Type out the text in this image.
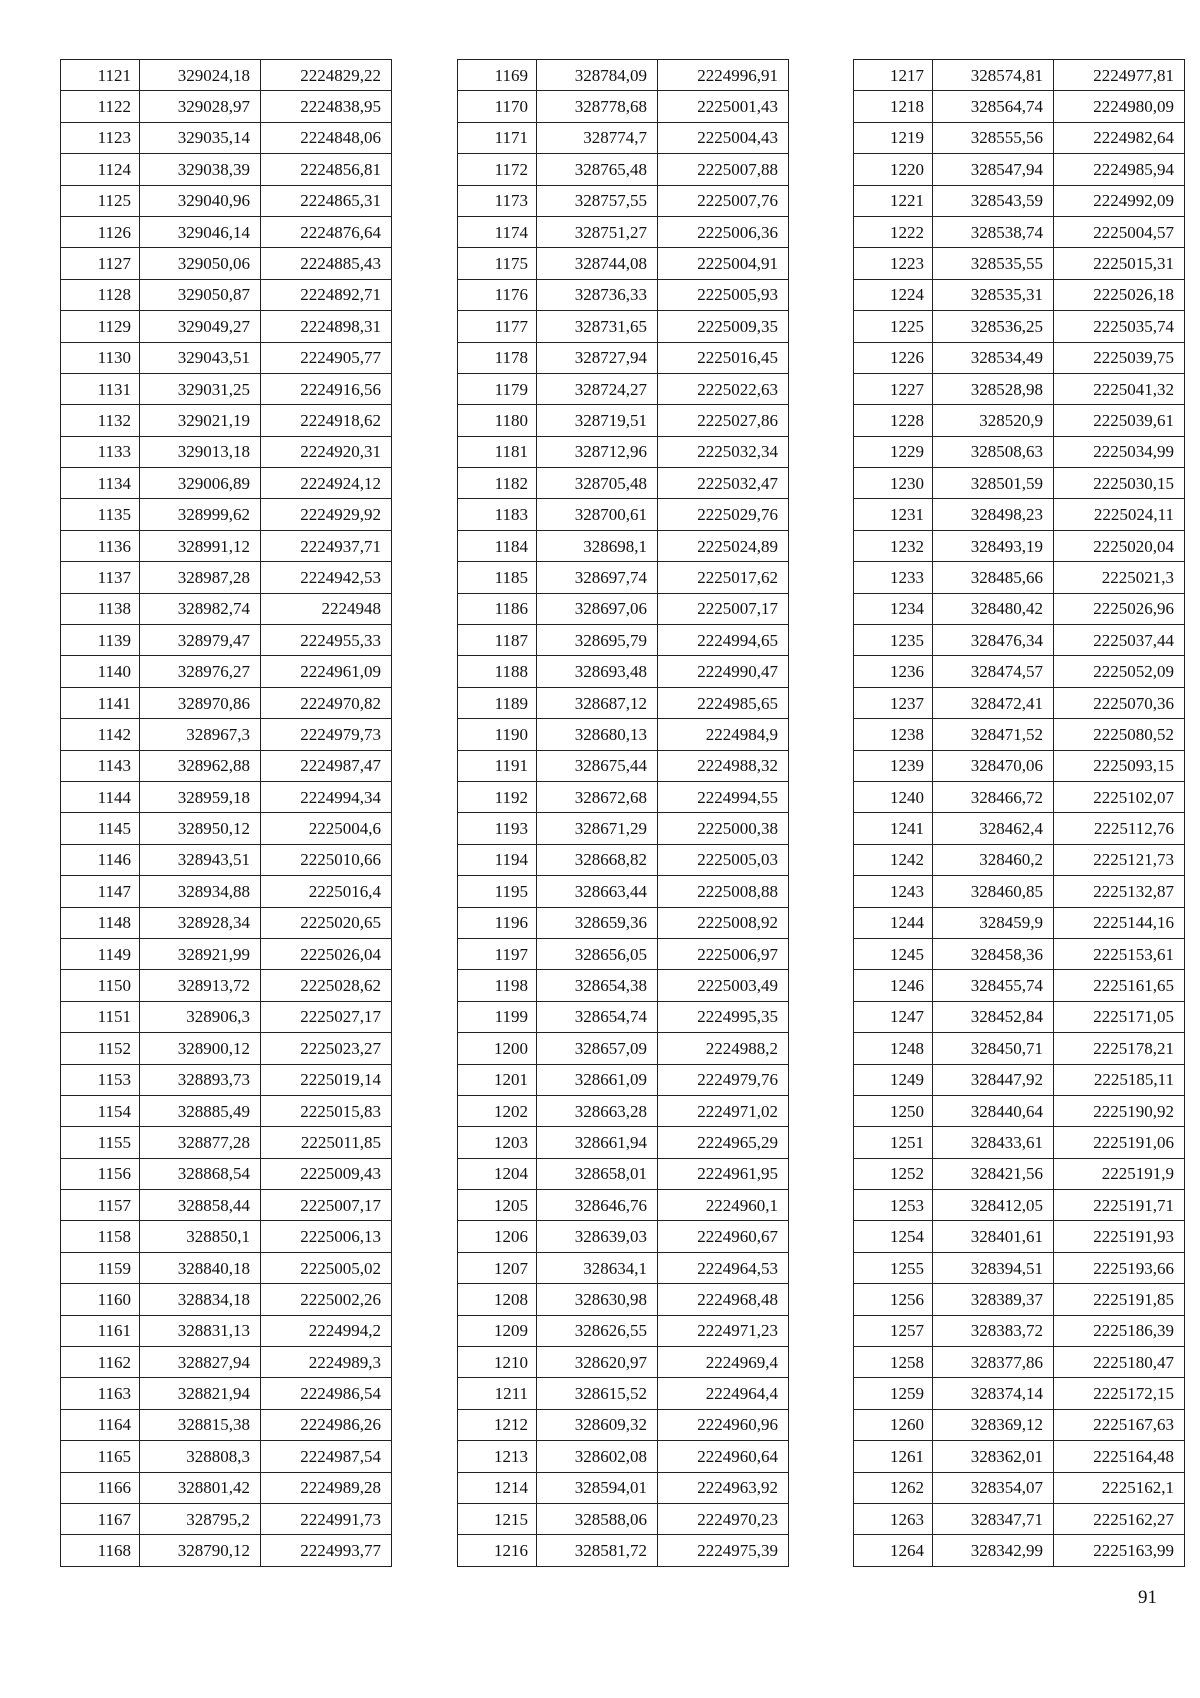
1121	329024,18	2224829,22
1122	329028,97	2224838,95
1123	329035,14	2224848,06
1124	329038,39	2224856,81
1125	329040,96	2224865,31
1126	329046,14	2224876,64
1127	329050,06	2224885,43
1128	329050,87	2224892,71
1129	329049,27	2224898,31
1130	329043,51	2224905,77
1131	329031,25	2224916,56
1132	329021,19	2224918,62
1133	329013,18	2224920,31
1134	329006,89	2224924,12
1135	328999,62	2224929,92
1136	328991,12	2224937,71
1137	328987,28	2224942,53
1138	328982,74	2224948
1139	328979,47	2224955,33
1140	328976,27	2224961,09
1141	328970,86	2224970,82
1142	328967,3	2224979,73
1143	328962,88	2224987,47
1144	328959,18	2224994,34
1145	328950,12	2225004,6
1146	328943,51	2225010,66
1147	328934,88	2225016,4
1148	328928,34	2225020,65
1149	328921,99	2225026,04
1150	328913,72	2225028,62
1151	328906,3	2225027,17
1152	328900,12	2225023,27
1153	328893,73	2225019,14
1154	328885,49	2225015,83
1155	328877,28	2225011,85
1156	328868,54	2225009,43
1157	328858,44	2225007,17
1158	328850,1	2225006,13
1159	328840,18	2225005,02
1160	328834,18	2225002,26
1161	328831,13	2224994,2
1162	328827,94	2224989,3
1163	328821,94	2224986,54
1164	328815,38	2224986,26
1165	328808,3	2224987,54
1166	328801,42	2224989,28
1167	328795,2	2224991,73
1168	328790,12	2224993,77
1169	328784,09	2224996,91
1170	328778,68	2225001,43
1171	328774,7	2225004,43
1172	328765,48	2225007,88
1173	328757,55	2225007,76
1174	328751,27	2225006,36
1175	328744,08	2225004,91
1176	328736,33	2225005,93
1177	328731,65	2225009,35
1178	328727,94	2225016,45
1179	328724,27	2225022,63
1180	328719,51	2225027,86
1181	328712,96	2225032,34
1182	328705,48	2225032,47
1183	328700,61	2225029,76
1184	328698,1	2225024,89
1185	328697,74	2225017,62
1186	328697,06	2225007,17
1187	328695,79	2224994,65
1188	328693,48	2224990,47
1189	328687,12	2224985,65
1190	328680,13	2224984,9
1191	328675,44	2224988,32
1192	328672,68	2224994,55
1193	328671,29	2225000,38
1194	328668,82	2225005,03
1195	328663,44	2225008,88
1196	328659,36	2225008,92
1197	328656,05	2225006,97
1198	328654,38	2225003,49
1199	328654,74	2224995,35
1200	328657,09	2224988,2
1201	328661,09	2224979,76
1202	328663,28	2224971,02
1203	328661,94	2224965,29
1204	328658,01	2224961,95
1205	328646,76	2224960,1
1206	328639,03	2224960,67
1207	328634,1	2224964,53
1208	328630,98	2224968,48
1209	328626,55	2224971,23
1210	328620,97	2224969,4
1211	328615,52	2224964,4
1212	328609,32	2224960,96
1213	328602,08	2224960,64
1214	328594,01	2224963,92
1215	328588,06	2224970,23
1216	328581,72	2224975,39
1217	328574,81	2224977,81
1218	328564,74	2224980,09
1219	328555,56	2224982,64
1220	328547,94	2224985,94
1221	328543,59	2224992,09
1222	328538,74	2225004,57
1223	328535,55	2225015,31
1224	328535,31	2225026,18
1225	328536,25	2225035,74
1226	328534,49	2225039,75
1227	328528,98	2225041,32
1228	328520,9	2225039,61
1229	328508,63	2225034,99
1230	328501,59	2225030,15
1231	328498,23	2225024,11
1232	328493,19	2225020,04
1233	328485,66	2225021,3
1234	328480,42	2225026,96
1235	328476,34	2225037,44
1236	328474,57	2225052,09
1237	328472,41	2225070,36
1238	328471,52	2225080,52
1239	328470,06	2225093,15
1240	328466,72	2225102,07
1241	328462,4	2225112,76
1242	328460,2	2225121,73
1243	328460,85	2225132,87
1244	328459,9	2225144,16
1245	328458,36	2225153,61
1246	328455,74	2225161,65
1247	328452,84	2225171,05
1248	328450,71	2225178,21
1249	328447,92	2225185,11
1250	328440,64	2225190,92
1251	328433,61	2225191,06
1252	328421,56	2225191,9
1253	328412,05	2225191,71
1254	328401,61	2225191,93
1255	328394,51	2225193,66
1256	328389,37	2225191,85
1257	328383,72	2225186,39
1258	328377,86	2225180,47
1259	328374,14	2225172,15
1260	328369,12	2225167,63
1261	328362,01	2225164,48
1262	328354,07	2225162,1
1263	328347,71	2225162,27
1264	328342,99	2225163,99
91
